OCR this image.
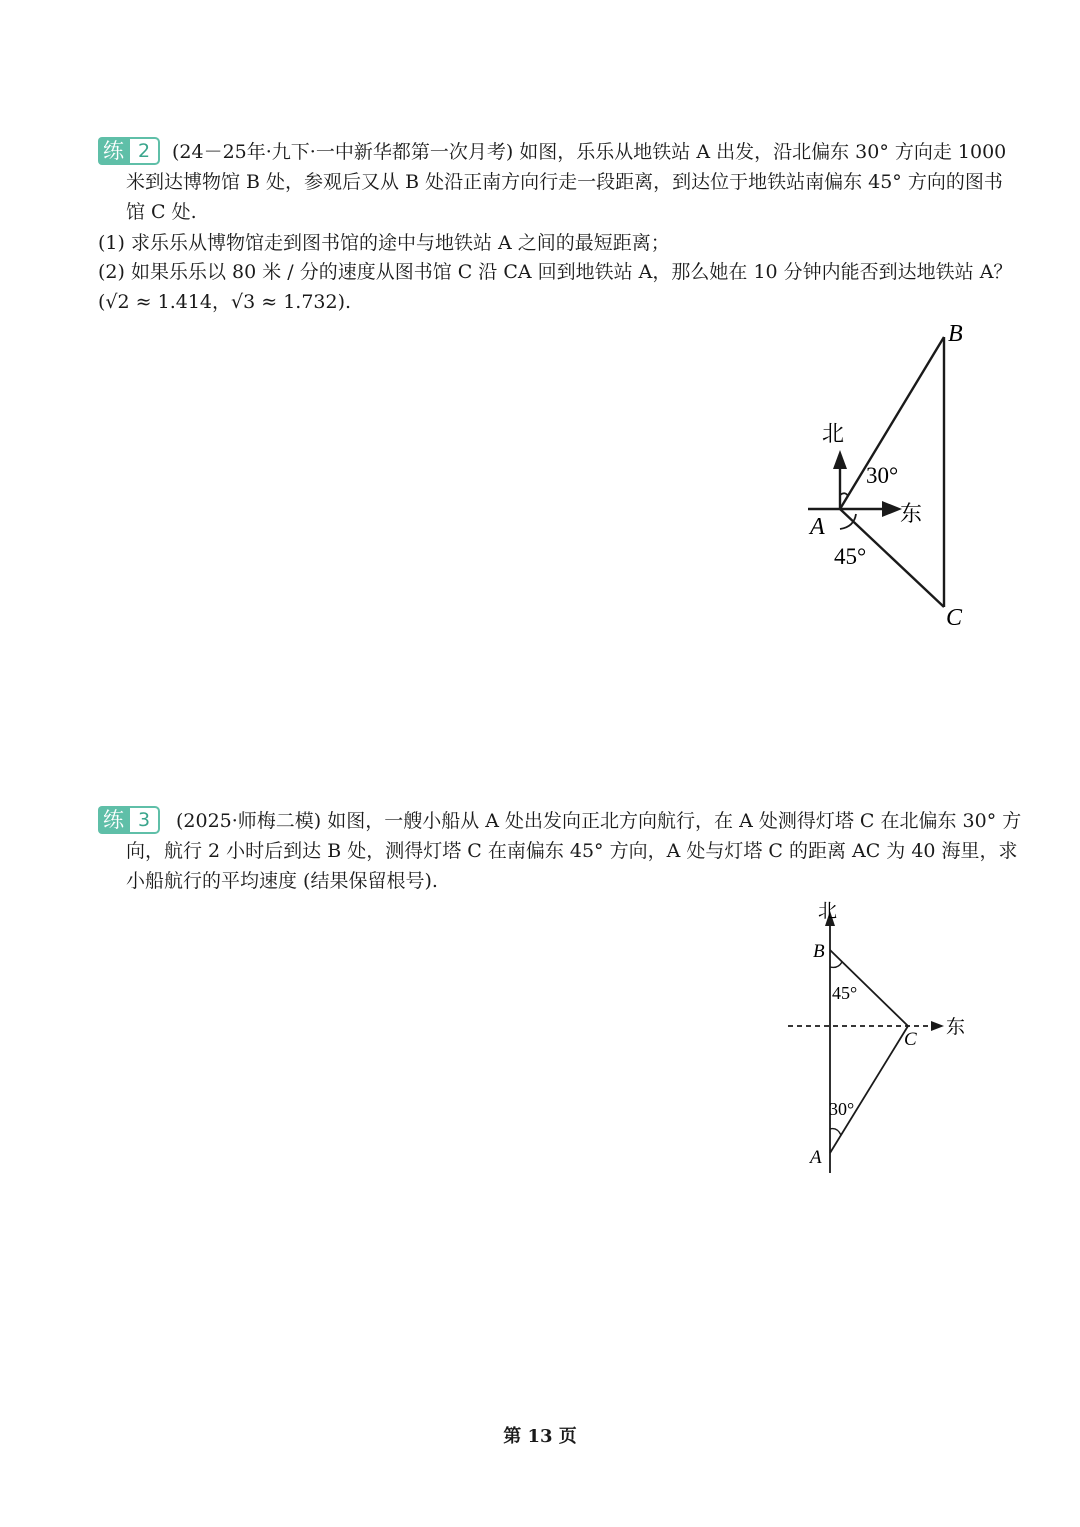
练 2	(24－25年·九下·一中新华都第一次月考) 如图，乐乐从地铁站 A 出发，沿北偏东 30° 方向走 1000
米到达博物馆 B 处，参观后又从 B 处沿正南方向行走一段距离，到达位于地铁站南偏东 45° 方向的图书
馆 C 处.
(1) 求乐乐从博物馆走到图书馆的途中与地铁站 A 之间的最短距离；
(2) 如果乐乐以 80 米 / 分的速度从图书馆 C 沿 CA 回到地铁站 A，那么她在 10 分钟内能否到达地铁站 A？
(√2 ≈ 1.414，√3 ≈ 1.732).
B
C
A
北
东
30°
45°
练 3	(2025·师梅二模) 如图，一艘小船从 A 处出发向正北方向航行，在 A 处测得灯塔 C 在北偏东 30° 方
向，航行 2 小时后到达 B 处，测得灯塔 C 在南偏东 45° 方向，A 处与灯塔 C 的距离 AC 为 40 海里，求
小船航行的平均速度 (结果保留根号).
北
东
B
C
A
45°
30°
第 13 页
